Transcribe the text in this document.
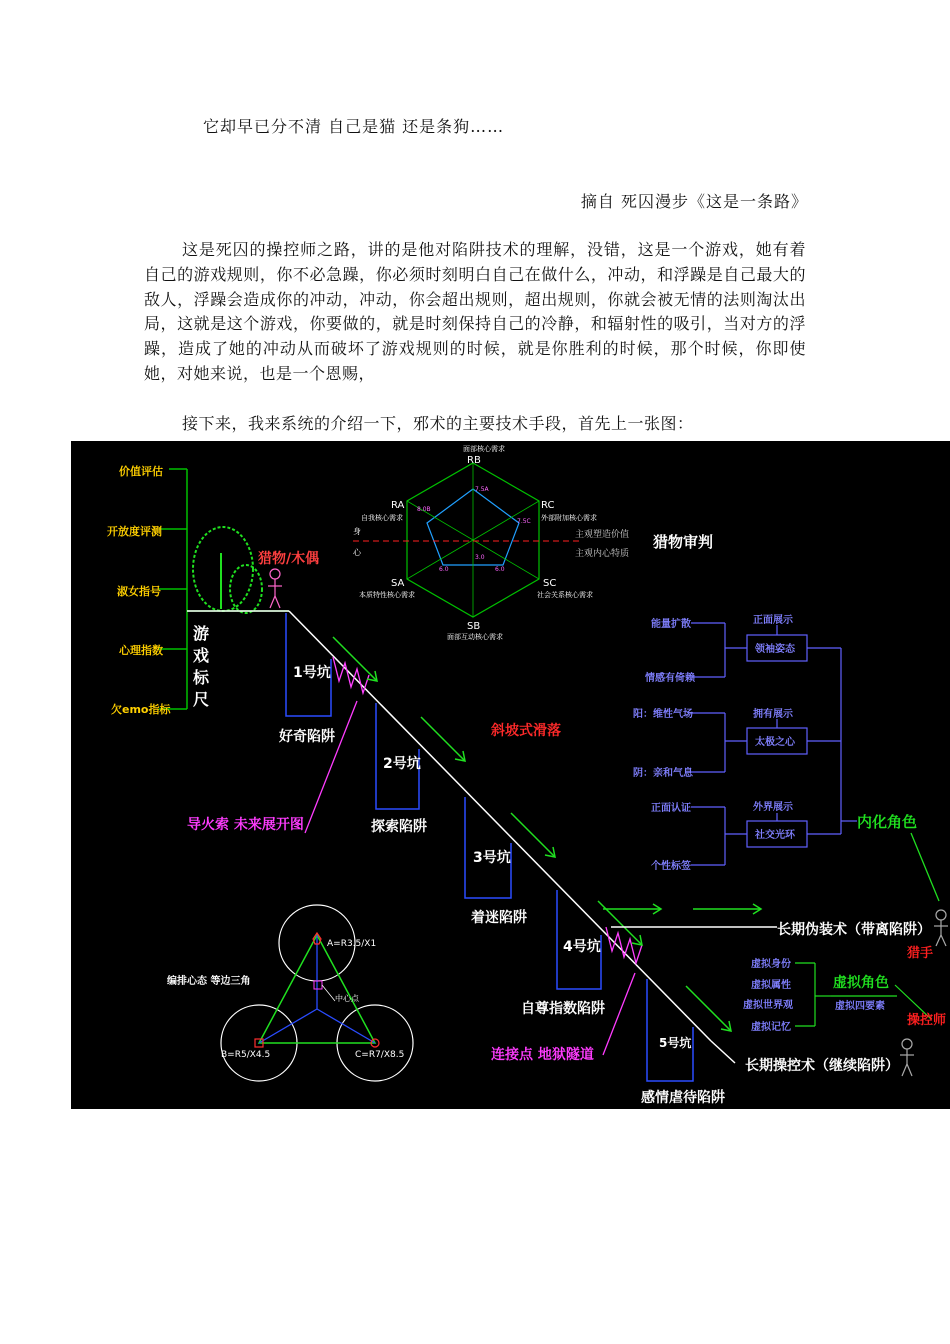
它却早已分不清 自己是猫 还是条狗……
摘自 死囚漫步《这是一条路》
这是死囚的操控师之路，讲的是他对陷阱技术的理解，没错，这是一个游戏，她有着自己的游戏规则，你不必急躁，你必须时刻明白自己在做什么，冲动，和浮躁是自己最大的敌人，浮躁会造成你的冲动，冲动，你会超出规则，超出规则，你就会被无情的法则淘汰出局，这就是这个游戏，你要做的，就是时刻保持自己的冷静，和辐射性的吸引，当对方的浮躁，造成了她的冲动从而破坏了游戏规则的时候，就是你胜利的时候，那个时候，你即使　她，对她来说，也是一个恩赐，
接下来，我来系统的介绍一下，邪术的主要技术手段，首先上一张图：
价值评估
开放度评测
淑女指号
心理指数
欠emo指标
游
戏
标
尺
猎物/木偶
1号坑
2号坑
3号坑
4号坑
5号坑
好奇陷阱
探索陷阱
着迷陷阱
自尊指数陷阱
感情虐待陷阱
长期伪装术（带离陷阱）
长期操控术（继续陷阱）
斜坡式滑落
导火索 未来展开图
连接点 地狱隧道
面部核心需求
RB
RA
自我核心需求
RC
外部附加核心需求
SA
本质特性核心需求
SC
社会关系核心需求
SB
面部互动核心需求
身
心
主观塑造价值
主观内心特质
7.5A
8.0B
7.5C
6.0
3.0
6.0
猎物审判
能量扩散
情感有倚赖
正面展示
领袖姿态
阳：维性气场
阴：亲和气息
拥有展示
太极之心
正面认证
个性标签
外界展示
社交光环
内化角色
猎手
虚拟身份
虚拟属性
虚拟世界观
虚拟记忆
虚拟四要素
虚拟角色
操控师
中心点
A=R3.5/X1
B=R5/X4.5	C=R7/X8.5
编排心态 等边三角
